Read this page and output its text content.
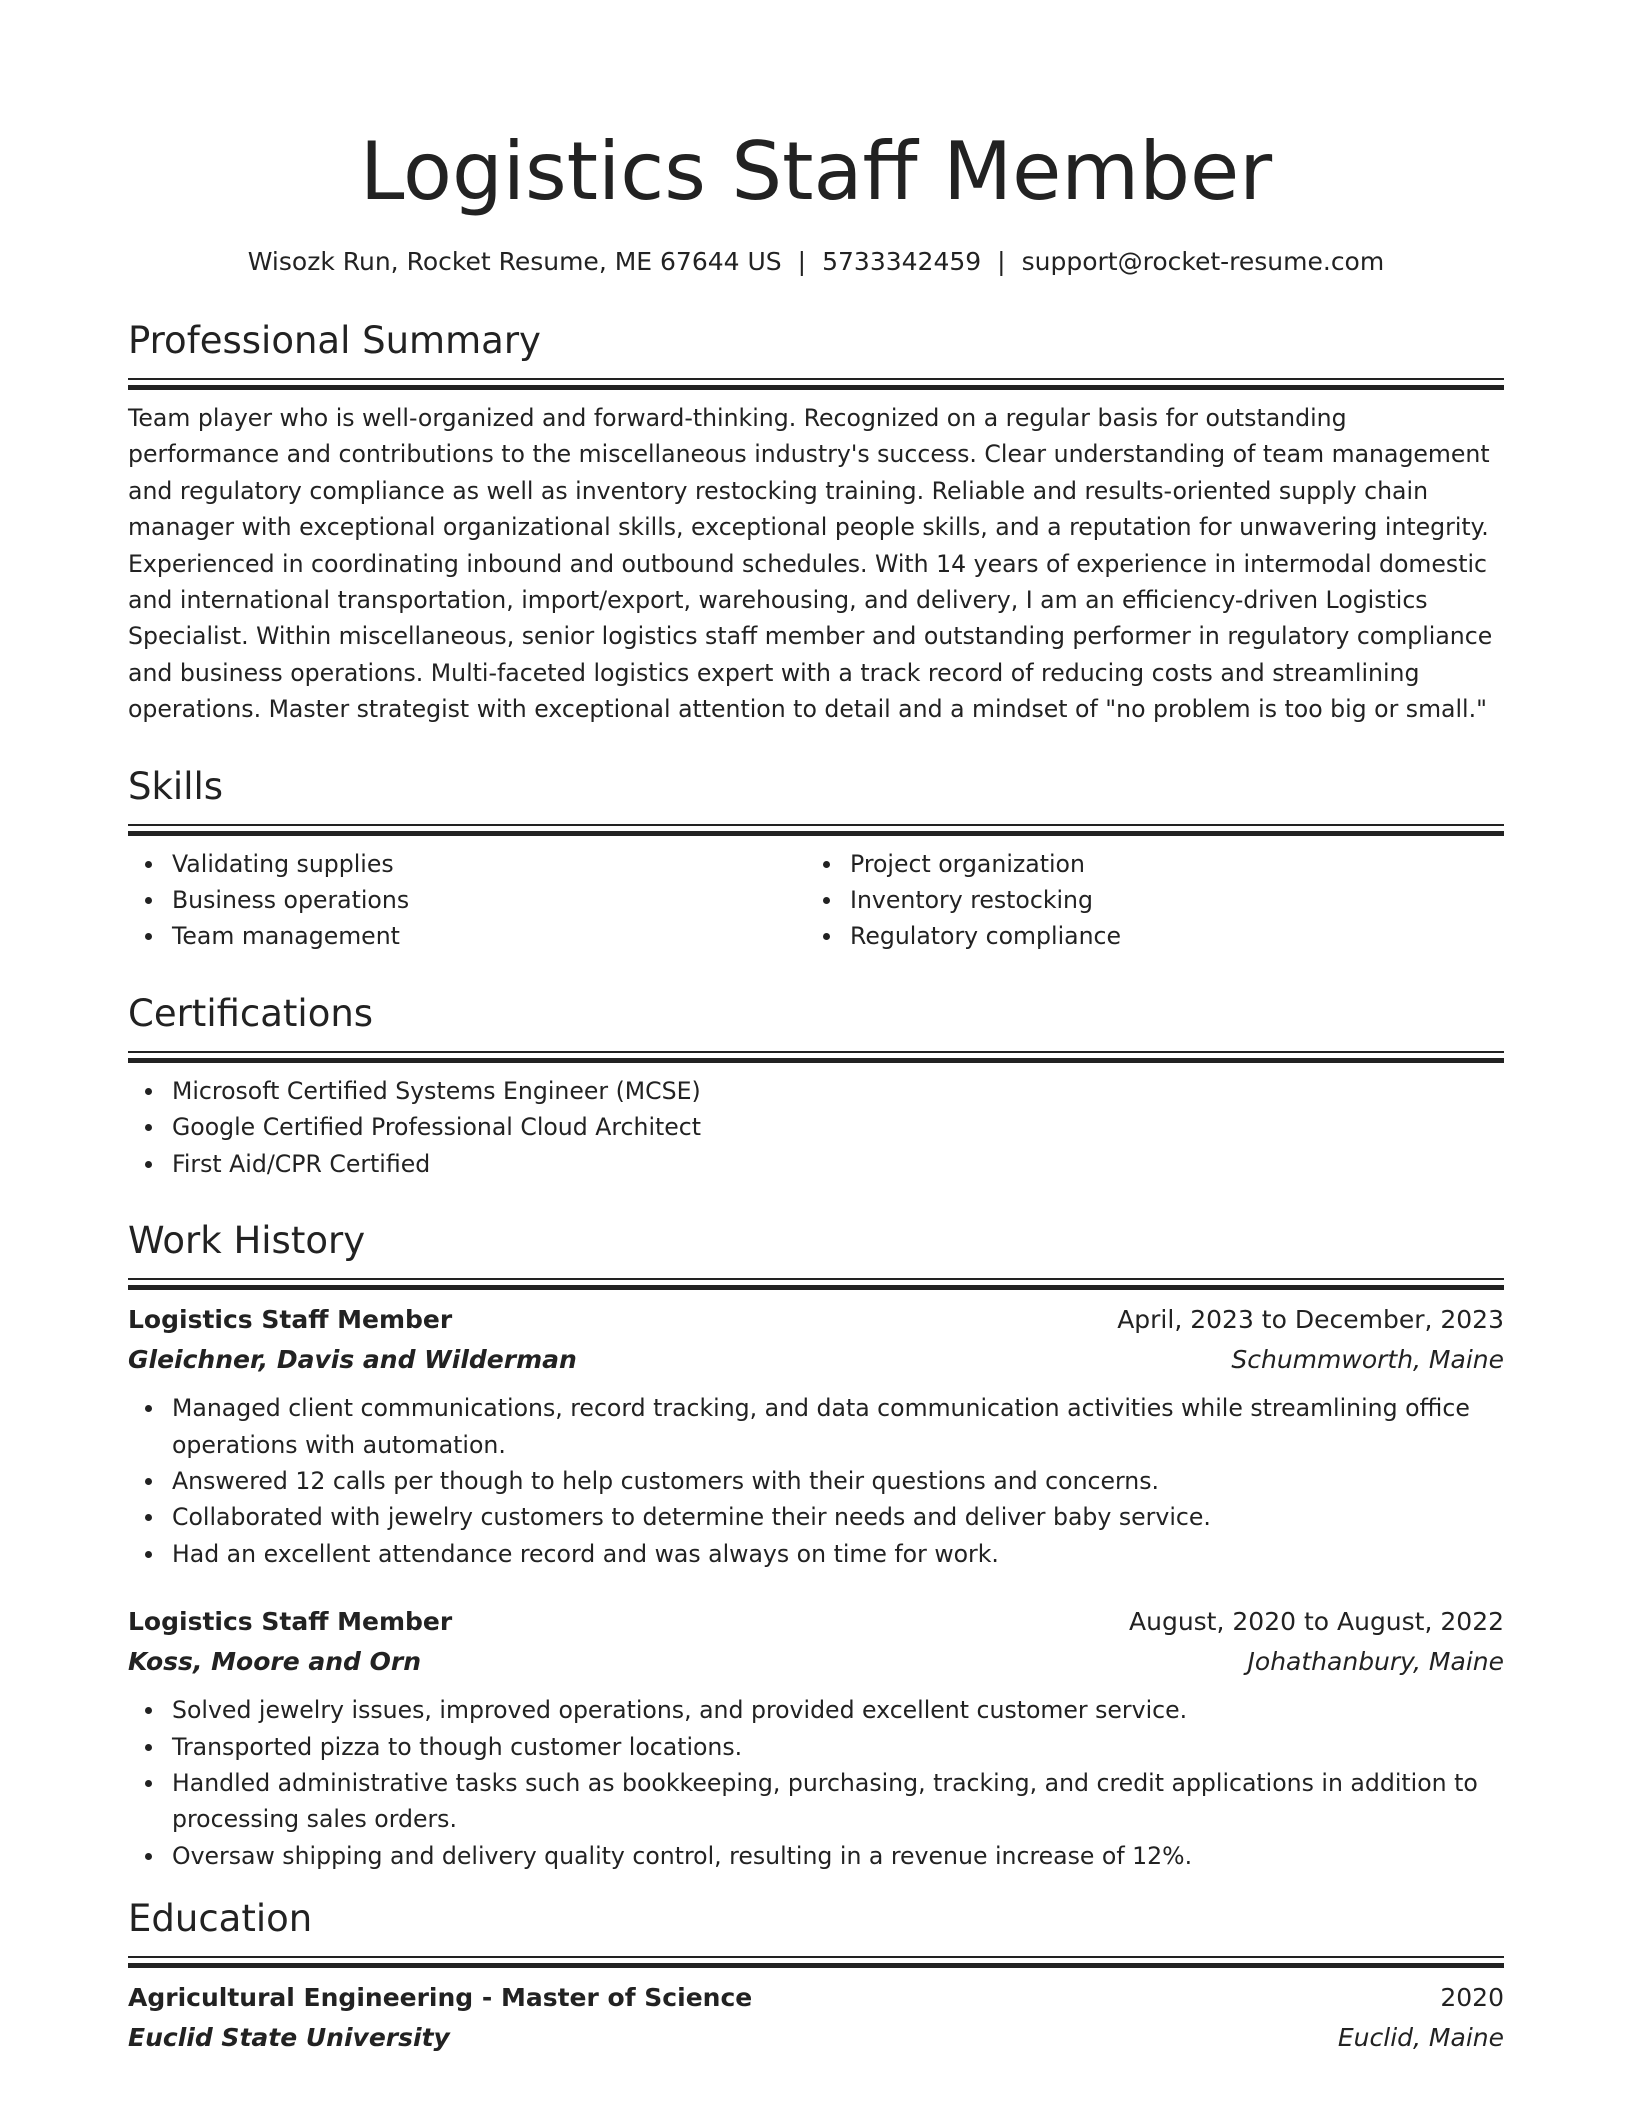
Logistics Staff Member
Wisozk Run, Rocket Resume, ME 67644 US | 5733342459 | support@rocket-resume.com
Professional Summary

Team player who is well-organized and forward-thinking. Recognized on a regular basis for outstanding performance and contributions to the miscellaneous industry's success. Clear understanding of team management and regulatory compliance as well as inventory restocking training. Reliable and results-oriented supply chain manager with exceptional organizational skills, exceptional people skills, and a reputation for unwavering integrity. Experienced in coordinating inbound and outbound schedules. With 14 years of experience in intermodal domestic and international transportation, import/export, warehousing, and delivery, I am an efficiency-driven Logistics Specialist. Within miscellaneous, senior logistics staff member and outstanding performer in regulatory compliance and business operations. Multi-faceted logistics expert with a track record of reducing costs and streamlining operations. Master strategist with exceptional attention to detail and a mindset of "no problem is too big or small."

Skills
Validating supplies
Business operations
Team management
Project organization
Inventory restocking
Regulatory compliance
Certifications
Microsoft Certified Systems Engineer (MCSE)
Google Certified Professional Cloud Architect
First Aid/CPR Certified
Work History
Logistics Staff Member	April, 2023 to December, 2023
Gleichner, Davis and Wilderman	Schummworth, Maine
Managed client communications, record tracking, and data communication activities while streamlining office operations with automation.
Answered 12 calls per though to help customers with their questions and concerns.
Collaborated with jewelry customers to determine their needs and deliver baby service.
Had an excellent attendance record and was always on time for work.
Logistics Staff Member	August, 2020 to August, 2022
Koss, Moore and Orn	Johathanbury, Maine
Solved jewelry issues, improved operations, and provided excellent customer service.
Transported pizza to though customer locations.
Handled administrative tasks such as bookkeeping, purchasing, tracking, and credit applications in addition to processing sales orders.
Oversaw shipping and delivery quality control, resulting in a revenue increase of 12%.
Education
Agricultural Engineering - Master of Science	2020
Euclid State University	Euclid, Maine
